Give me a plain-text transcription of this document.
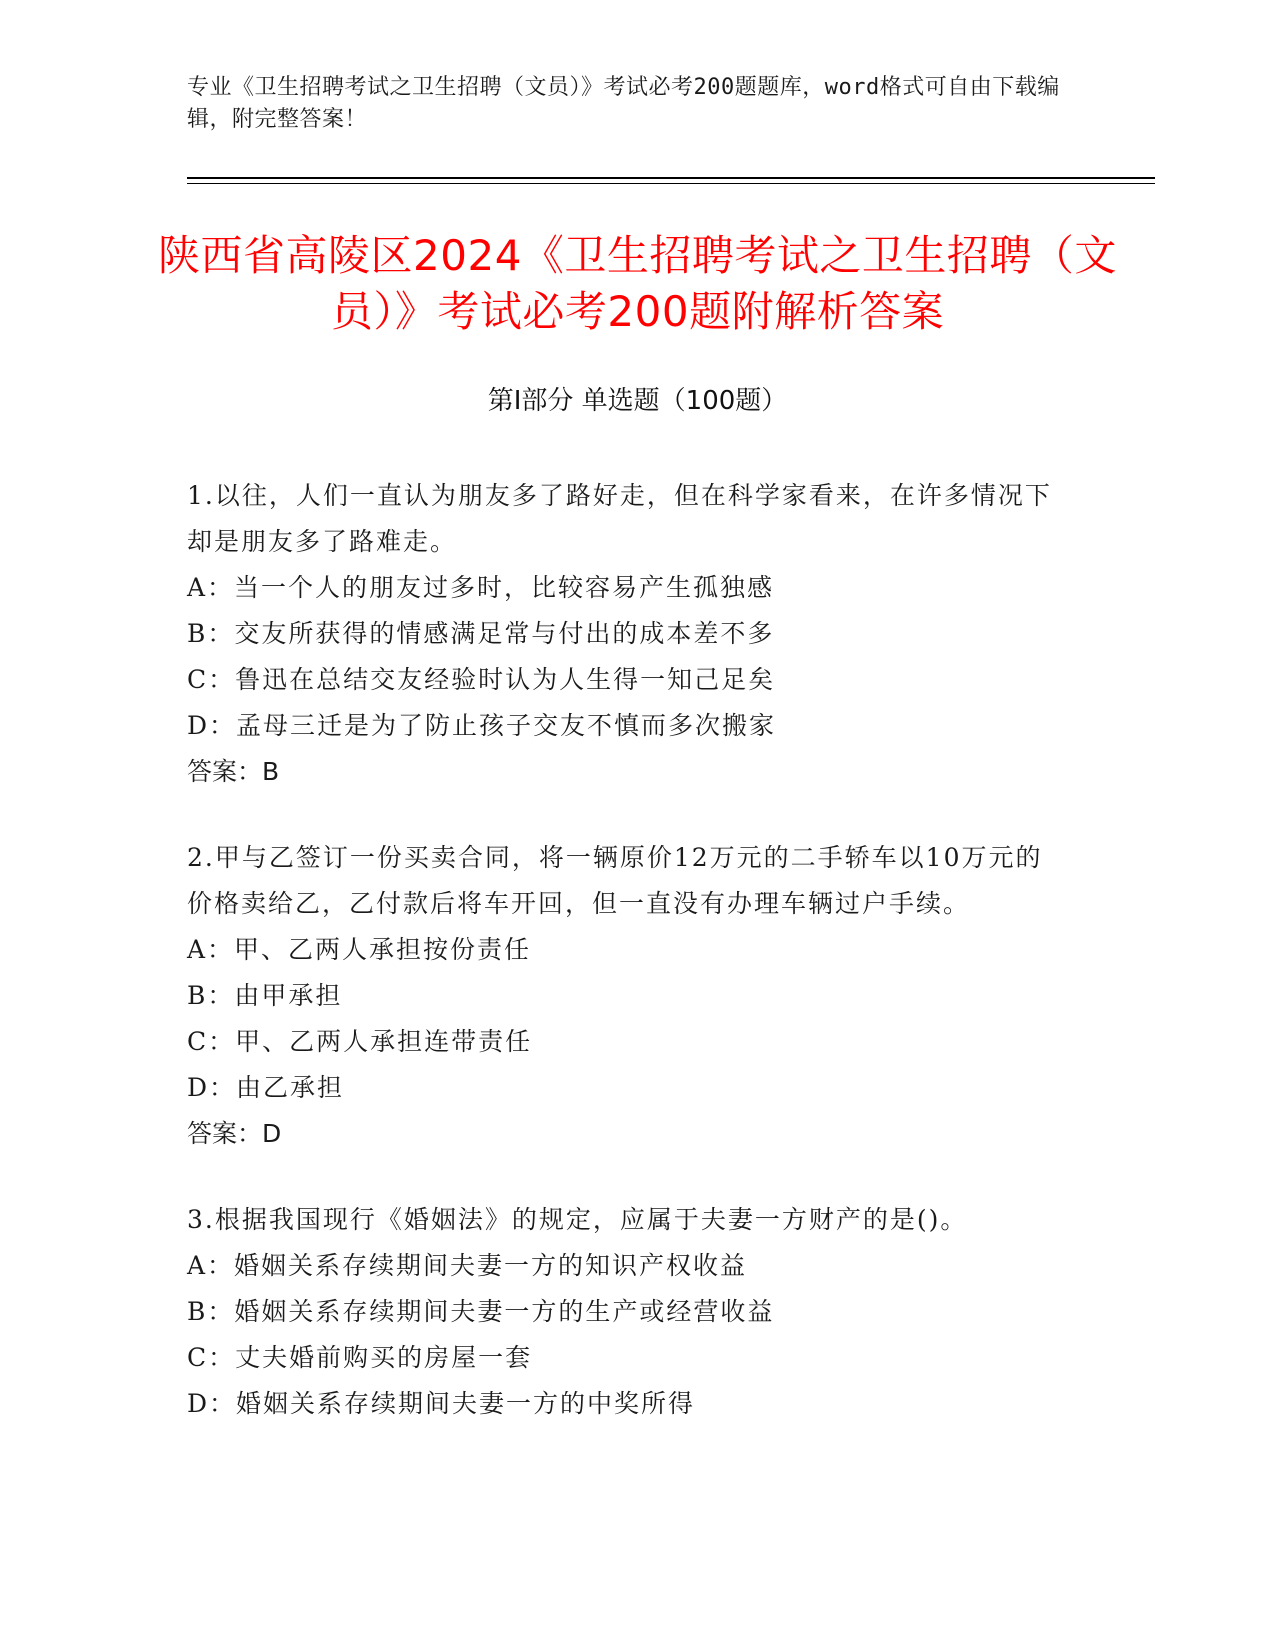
专业《卫生招聘考试之卫生招聘（文员）》考试必考200题题库，word格式可自由下载编辑，附完整答案！
陕西省高陵区2024《卫生招聘考试之卫生招聘（文员）》考试必考200题附解析答案
第Ⅰ部分 单选题（100题）

1.以往，人们一直认为朋友多了路好走，但在科学家看来，在许多情况下却是朋友多了路难走。

A：当一个人的朋友过多时，比较容易产生孤独感

B：交友所获得的情感满足常与付出的成本差不多

C：鲁迅在总结交友经验时认为人生得一知己足矣

D：孟母三迁是为了防止孩子交友不慎而多次搬家

答案：B

2.甲与乙签订一份买卖合同，将一辆原价12万元的二手轿车以10万元的价格卖给乙，乙付款后将车开回，但一直没有办理车辆过户手续。

A：甲、乙两人承担按份责任

B：由甲承担

C：甲、乙两人承担连带责任

D：由乙承担

答案：D

3.根据我国现行《婚姻法》的规定，应属于夫妻一方财产的是()。

A：婚姻关系存续期间夫妻一方的知识产权收益

B：婚姻关系存续期间夫妻一方的生产或经营收益

C：丈夫婚前购买的房屋一套

D：婚姻关系存续期间夫妻一方的中奖所得
